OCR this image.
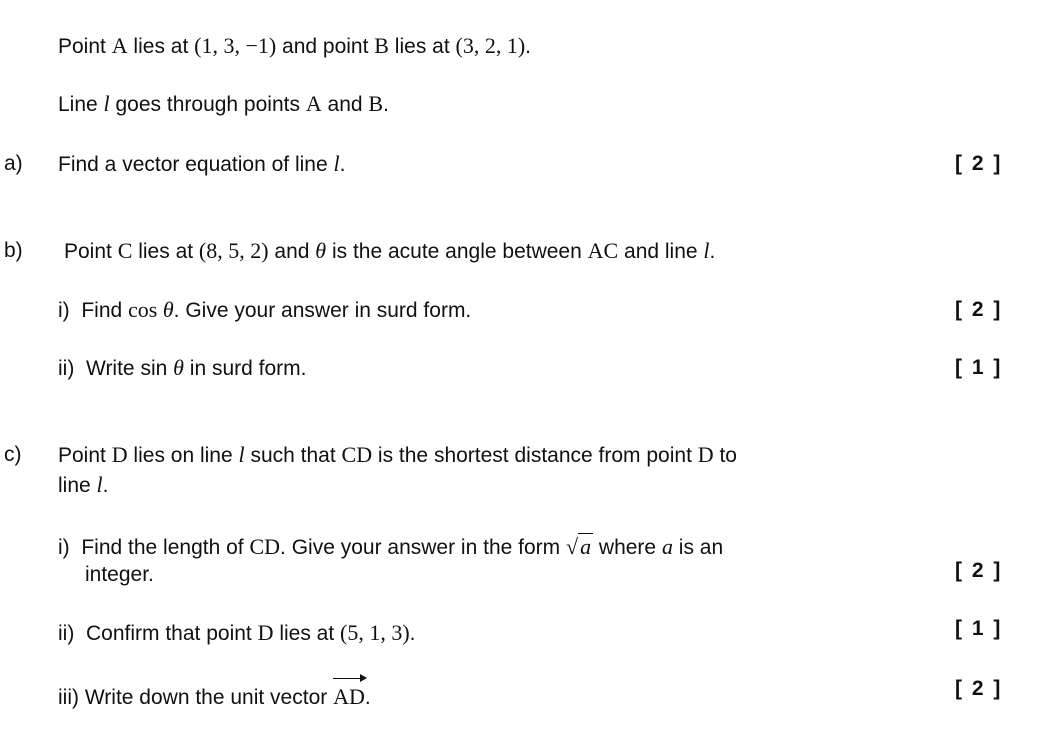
Point A lies at (1, 3, −1) and point B lies at (3, 2, 1).
Line l goes through points A and B.
a) Find a vector equation of line l.	[ 2 ]
b) Point C lies at (8, 5, 2) and θ is the acute angle between AC and line l.
i) Find cos θ. Give your answer in surd form.	[ 2 ]
ii) Write sin θ in surd form.	[ 1 ]
c) Point D lies on line l such that CD is the shortest distance from point D to
line l.
i) Find the length of CD. Give your answer in the form √a where a is an
integer.	[ 2 ]
ii) Confirm that point D lies at (5, 1, 3).	[ 1 ]
iii) Write down the unit vector
AD.	[ 2 ]
